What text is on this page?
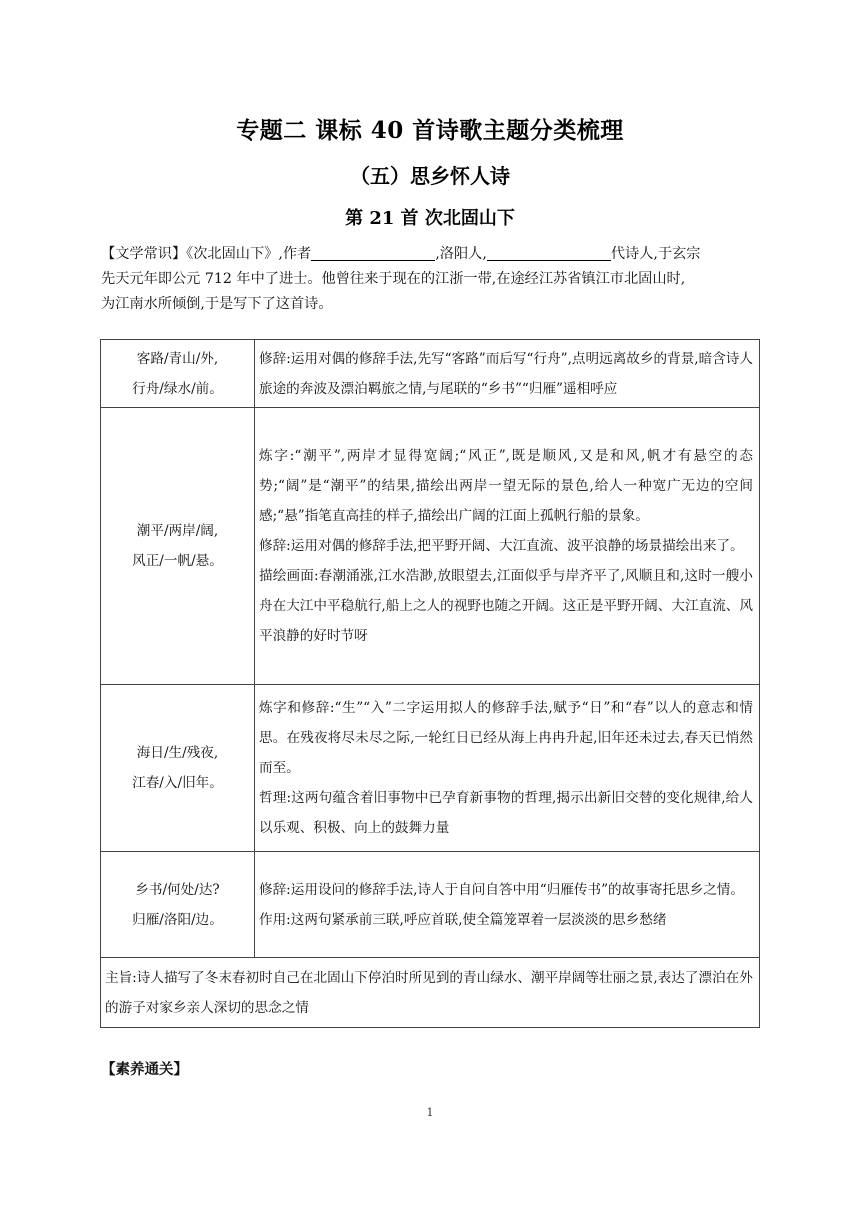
专题二 课标 40 首诗歌主题分类梳理
（五）思乡怀人诗
第 21 首 次北固山下
【文学常识】《次北固山下》,作者	,洛阳人,	代诗人,于玄宗
先天元年即公元 712 年中了进士。他曾往来于现在的江浙一带,在途经江苏省镇江市北固山时,
为江南水所倾倒,于是写下了这首诗。
客路/青山/外,
行舟/绿水/前。	修辞:运用对偶的修辞手法,先写“客路”而后写“行舟”,点明远离故乡的背景,暗含诗人旅途的奔波及漂泊羁旅之情,与尾联的“乡书”“归雁”遥相呼应

潮平/两岸/阔,
风正/一帆/悬。	炼字:“潮平”,两岸才显得宽阔;“风正”,既是顺风,又是和风,帆才有悬空的态势;“阔”是“潮平”的结果,描绘出两岸一望无际的景色,给人一种宽广无边的空间感;“悬”指笔直高挂的样子,描绘出广阔的江面上孤帆行船的景象。
修辞:运用对偶的修辞手法,把平野开阔、大江直流、波平浪静的场景描绘出来了。
描绘画面:春潮涌涨,江水浩渺,放眼望去,江面似乎与岸齐平了,风顺且和,这时一艘小舟在大江中平稳航行,船上之人的视野也随之开阔。这正是平野开阔、大江直流、风平浪静的好时节呀

海日/生/残夜,
江春/入/旧年。	炼字和修辞:“生”“入”二字运用拟人的修辞手法,赋予“日”和“春”以人的意志和情思。在残夜将尽未尽之际,一轮红日已经从海上冉冉升起,旧年还未过去,春天已悄然而至。
哲理:这两句蕴含着旧事物中已孕育新事物的哲理,揭示出新旧交替的变化规律,给人以乐观、积极、向上的鼓舞力量

乡书/何处/达?
归雁/洛阳/边。	修辞:运用设问的修辞手法,诗人于自问自答中用“归雁传书”的故事寄托思乡之情。
作用:这两句紧承前三联,呼应首联,使全篇笼罩着一层淡淡的思乡愁绪

主旨:诗人描写了冬末春初时自己在北固山下停泊时所见到的青山绿水、潮平岸阔等壮丽之景,表达了漂泊在外的游子对家乡亲人深切的思念之情	
【素养通关】
1
